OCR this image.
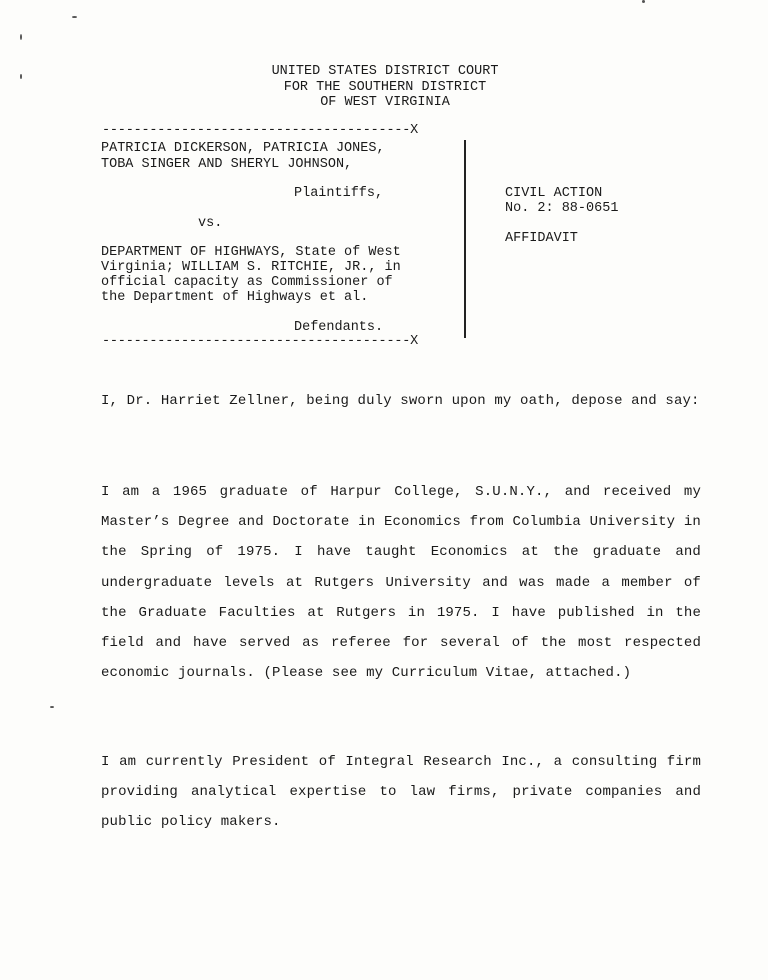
UNITED STATES DISTRICT COURT
FOR THE SOUTHERN DISTRICT
OF WEST VIRGINIA
---------------------------------------X
---------------------------------------X
PATRICIA DICKERSON, PATRICIA JONES,
TOBA SINGER AND SHERYL JOHNSON,
Plaintiffs,
vs.
DEPARTMENT OF HIGHWAYS, State of West
Virginia; WILLIAM S. RITCHIE, JR., in
official capacity as Commissioner of
the Department of Highways et al.
Defendants.
CIVIL ACTION
No. 2: 88-0651
AFFIDAVIT

I, Dr. Harriet Zellner, being duly sworn upon my oath, depose and say:

I am a 1965 graduate of Harpur College, S.U.N.Y., and received my Master’s Degree and Doctorate in Economics from Columbia University in the Spring of 1975. I have taught Economics at the graduate and undergraduate levels at Rutgers University and was made a member of the Graduate Faculties at Rutgers in 1975. I have published in the field and have served as referee for several of the most respected economic journals. (Please see my Curriculum Vitae, attached.)

I am currently President of Integral Research Inc., a consulting firm providing analytical expertise to law firms, private companies and public policy makers.
